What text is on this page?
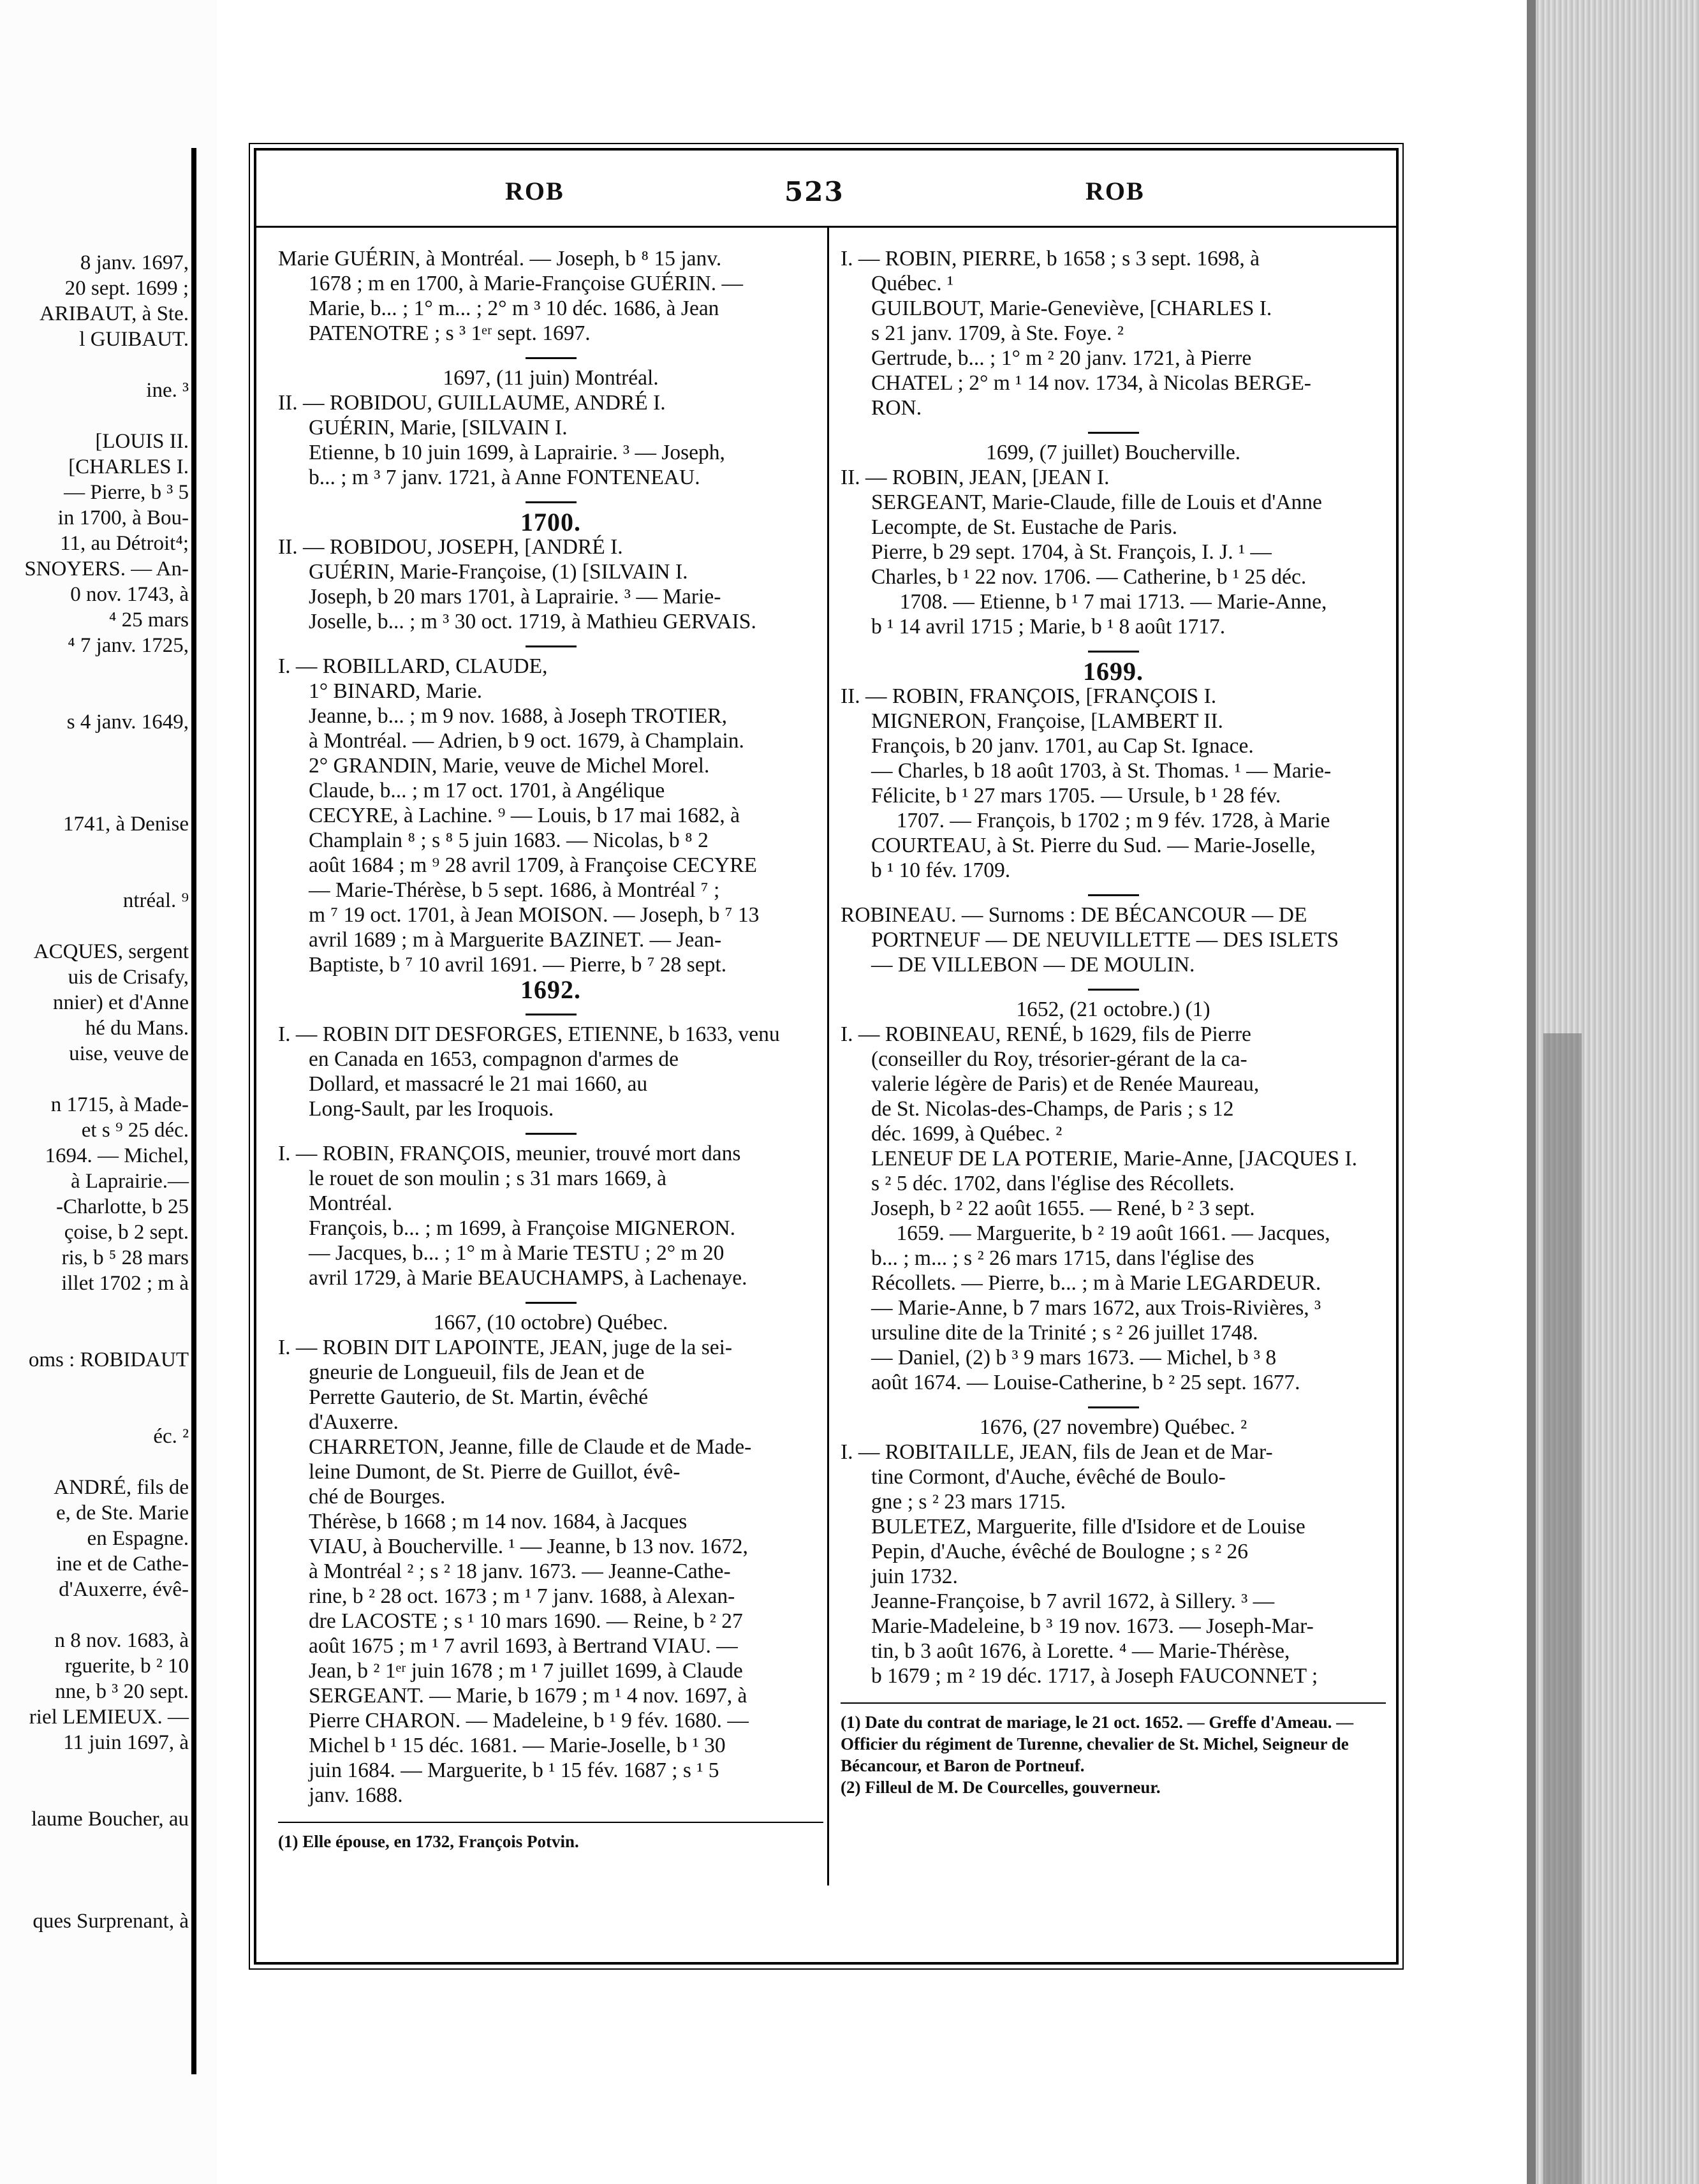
8 janv. 1697,
20 sept. 1699 ;
ARIBAUT, à Ste.
l GUIBAUT.
ine. ³
[LOUIS II.
[CHARLES I.
— Pierre, b ³ 5
in 1700, à Bou-
11, au Détroit⁴;
SNOYERS. — An-
0 nov. 1743, à
⁴ 25 mars
⁴ 7 janv. 1725,
s 4 janv. 1649,
1741, à Denise
ntréal. ⁹
ACQUES, sergent
uis de Crisafy,
nnier) et d'Anne
hé du Mans.
uise, veuve de
n 1715, à Made-
et s ⁹ 25 déc.
1694. — Michel,
à Laprairie.—
-Charlotte, b 25
çoise, b 2 sept.
ris, b ⁵ 28 mars
illet 1702 ; m à
oms : ROBIDAUT
éc. ²
ANDRÉ, fils de
e, de Ste. Marie
en Espagne.
ine et de Cathe-
d'Auxerre, évê-
n 8 nov. 1683, à
rguerite, b ² 10
nne, b ³ 20 sept.
riel LEMIEUX. —
11 juin 1697, à
laume Boucher, au
ques Surprenant, à
ROB	523	ROB

Marie GUÉRIN, à Montréal. — Joseph, b ⁸ 15 janv.

1678 ; m en 1700, à Marie-Françoise GUÉRIN. —

Marie, b... ; 1° m... ; 2° m ³ 10 déc. 1686, à Jean

PATENOTRE ; s ³ 1ᵉʳ sept. 1697.

1697, (11 juin) Montréal.

II. — ROBIDOU, GUILLAUME, ANDRÉ I.

GUÉRIN, Marie, [SILVAIN I.

Etienne, b 10 juin 1699, à Laprairie. ³ — Joseph,

b... ; m ³ 7 janv. 1721, à Anne FONTENEAU.

1700.

II. — ROBIDOU, JOSEPH, [ANDRÉ I.

GUÉRIN, Marie-Françoise, (1) [SILVAIN I.

Joseph, b 20 mars 1701, à Laprairie. ³ — Marie-

Joselle, b... ; m ³ 30 oct. 1719, à Mathieu GERVAIS.

I. — ROBILLARD, CLAUDE,

1° BINARD, Marie.

Jeanne, b... ; m 9 nov. 1688, à Joseph TROTIER,

à Montréal. — Adrien, b 9 oct. 1679, à Champlain.

2° GRANDIN, Marie, veuve de Michel Morel.

Claude, b... ; m 17 oct. 1701, à Angélique

CECYRE, à Lachine. ⁹ — Louis, b 17 mai 1682, à

Champlain ⁸ ; s ⁸ 5 juin 1683. — Nicolas, b ⁸ 2

août 1684 ; m ⁹ 28 avril 1709, à Françoise CECYRE

— Marie-Thérèse, b 5 sept. 1686, à Montréal ⁷ ;

m ⁷ 19 oct. 1701, à Jean MOISON. — Joseph, b ⁷ 13

avril 1689 ; m à Marguerite BAZINET. — Jean-

Baptiste, b ⁷ 10 avril 1691. — Pierre, b ⁷ 28 sept.

1692.

I. — ROBIN DIT DESFORGES, ETIENNE, b 1633, venu

en Canada en 1653, compagnon d'armes de

Dollard, et massacré le 21 mai 1660, au

Long-Sault, par les Iroquois.

I. — ROBIN, FRANÇOIS, meunier, trouvé mort dans

le rouet de son moulin ; s 31 mars 1669, à

Montréal.

François, b... ; m 1699, à Françoise MIGNERON.

— Jacques, b... ; 1° m à Marie TESTU ; 2° m 20

avril 1729, à Marie BEAUCHAMPS, à Lachenaye.

1667, (10 octobre) Québec.

I. — ROBIN DIT LAPOINTE, JEAN, juge de la sei-

gneurie de Longueuil, fils de Jean et de

Perrette Gauterio, de St. Martin, évêché

d'Auxerre.

CHARRETON, Jeanne, fille de Claude et de Made-

leine Dumont, de St. Pierre de Guillot, évê-

ché de Bourges.

Thérèse, b 1668 ; m 14 nov. 1684, à Jacques

VIAU, à Boucherville. ¹ — Jeanne, b 13 nov. 1672,

à Montréal ² ; s ² 18 janv. 1673. — Jeanne-Cathe-

rine, b ² 28 oct. 1673 ; m ¹ 7 janv. 1688, à Alexan-

dre LACOSTE ; s ¹ 10 mars 1690. — Reine, b ² 27

août 1675 ; m ¹ 7 avril 1693, à Bertrand VIAU. —

Jean, b ² 1ᵉʳ juin 1678 ; m ¹ 7 juillet 1699, à Claude

SERGEANT. — Marie, b 1679 ; m ¹ 4 nov. 1697, à

Pierre CHARON. — Madeleine, b ¹ 9 fév. 1680. —

Michel b ¹ 15 déc. 1681. — Marie-Joselle, b ¹ 30

juin 1684. — Marguerite, b ¹ 15 fév. 1687 ; s ¹ 5

janv. 1688.

(1) Elle épouse, en 1732, François Potvin.

I. — ROBIN, PIERRE, b 1658 ; s 3 sept. 1698, à

Québec. ¹

GUILBOUT, Marie-Geneviève, [CHARLES I.

s 21 janv. 1709, à Ste. Foye. ²

Gertrude, b... ; 1° m ² 20 janv. 1721, à Pierre

CHATEL ; 2° m ¹ 14 nov. 1734, à Nicolas BERGE-

RON.

1699, (7 juillet) Boucherville.

II. — ROBIN, JEAN, [JEAN I.

SERGEANT, Marie-Claude, fille de Louis et d'Anne

Lecompte, de St. Eustache de Paris.

Pierre, b 29 sept. 1704, à St. François, I. J. ¹ —

Charles, b ¹ 22 nov. 1706. — Catherine, b ¹ 25 déc.

1708. — Etienne, b ¹ 7 mai 1713. — Marie-Anne,

b ¹ 14 avril 1715 ; Marie, b ¹ 8 août 1717.

1699.

II. — ROBIN, FRANÇOIS, [FRANÇOIS I.

MIGNERON, Françoise, [LAMBERT II.

François, b 20 janv. 1701, au Cap St. Ignace.

— Charles, b 18 août 1703, à St. Thomas. ¹ — Marie-

Félicite, b ¹ 27 mars 1705. — Ursule, b ¹ 28 fév.

1707. — François, b 1702 ; m 9 fév. 1728, à Marie

COURTEAU, à St. Pierre du Sud. — Marie-Joselle,

b ¹ 10 fév. 1709.

ROBINEAU. — Surnoms : DE BÉCANCOUR — DE

PORTNEUF — DE NEUVILLETTE — DES ISLETS

— DE VILLEBON — DE MOULIN.

1652, (21 octobre.) (1)

I. — ROBINEAU, RENÉ, b 1629, fils de Pierre

(conseiller du Roy, trésorier-gérant de la ca-

valerie légère de Paris) et de Renée Maureau,

de St. Nicolas-des-Champs, de Paris ; s 12

déc. 1699, à Québec. ²

LENEUF DE LA POTERIE, Marie-Anne, [JACQUES I.

s ² 5 déc. 1702, dans l'église des Récollets.

Joseph, b ² 22 août 1655. — René, b ² 3 sept.

1659. — Marguerite, b ² 19 août 1661. — Jacques,

b... ; m... ; s ² 26 mars 1715, dans l'église des

Récollets. — Pierre, b... ; m à Marie LEGARDEUR.

— Marie-Anne, b 7 mars 1672, aux Trois-Rivières, ³

ursuline dite de la Trinité ; s ² 26 juillet 1748.

— Daniel, (2) b ³ 9 mars 1673. — Michel, b ³ 8

août 1674. — Louise-Catherine, b ² 25 sept. 1677.

1676, (27 novembre) Québec. ²

I. — ROBITAILLE, JEAN, fils de Jean et de Mar-

tine Cormont, d'Auche, évêché de Boulo-

gne ; s ² 23 mars 1715.

BULETEZ, Marguerite, fille d'Isidore et de Louise

Pepin, d'Auche, évêché de Boulogne ; s ² 26

juin 1732.

Jeanne-Françoise, b 7 avril 1672, à Sillery. ³ —

Marie-Madeleine, b ³ 19 nov. 1673. — Joseph-Mar-

tin, b 3 août 1676, à Lorette. ⁴ — Marie-Thérèse,

b 1679 ; m ² 19 déc. 1717, à Joseph FAUCONNET ;

(1) Date du contrat de mariage, le 21 oct. 1652. — Greffe d'Ameau. — Officier du régiment de Turenne, chevalier de St. Michel, Seigneur de Bécancour, et Baron de Portneuf.

(2) Filleul de M. De Courcelles, gouverneur.
